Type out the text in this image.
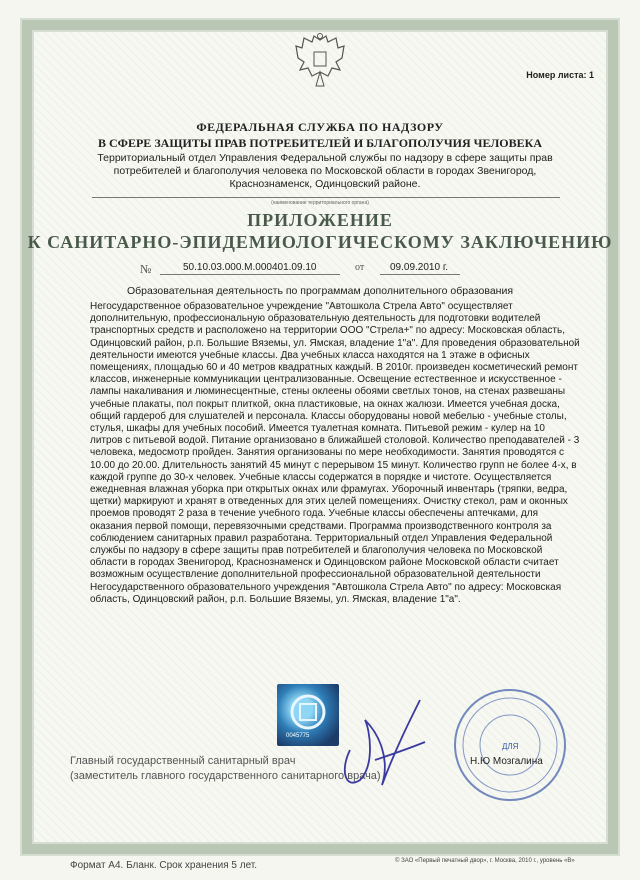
Номер листа: 1
ФЕДЕРАЛЬНАЯ СЛУЖБА ПО НАДЗОРУ
В СФЕРЕ ЗАЩИТЫ ПРАВ ПОТРЕБИТЕЛЕЙ И БЛАГОПОЛУЧИЯ ЧЕЛОВЕКА
Территориальный отдел Управления Федеральной службы по надзору в сфере защиты прав потребителей и благополучия человека по Московской области в городах Звенигород, Краснознаменск, Одинцовский районе.
(наименование территориального органа)
ПРИЛОЖЕНИЕ
К САНИТАРНО-ЭПИДЕМИОЛОГИЧЕСКОМУ ЗАКЛЮЧЕНИЮ
№	50.10.03.000.М.000401.09.10	от	09.09.2010 г.
Образовательная деятельность по программам дополнительного образования
Негосударственное образовательное учреждение "Автошкола Стрела Авто" осуществляет дополнительную, профессиональную образовательную деятельность для подготовки водителей транспортных средств и расположено на территории ООО "Стрела+" по адресу: Московская область, Одинцовский район, р.п. Большие Вяземы, ул. Ямская, владение 1"а". Для проведения образовательной деятельности имеются учебные классы. Два учебных класса находятся на 1 этаже в офисных помещениях, площадью 60 и 40 метров квадратных каждый. В 2010г. произведен косметический ремонт классов, инженерные коммуникации централизованные. Освещение естественное и искусственное - лампы накаливания и люминесцентные, стены оклеены обоями светлых тонов, на стенах развешаны учебные плакаты, пол покрыт плиткой, окна пластиковые, на окнах жалюзи. Имеется учебная доска, общий гардероб для слушателей и персонала. Классы оборудованы новой мебелью - учебные столы, стулья, шкафы для учебных пособий. Имеется туалетная комната. Питьевой режим - кулер на 10 литров с питьевой водой. Питание организовано в ближайшей столовой. Количество преподавателей - 3 человека, медосмотр пройден. Занятия организованы по мере необходимости. Занятия проводятся с 10.00 до 20.00. Длительность занятий 45 минут с перерывом 15 минут. Количество групп не более 4-х, в каждой группе до 30-х человек. Учебные классы содержатся в порядке и чистоте. Осуществляется ежедневная влажная уборка при открытых окнах или фрамугах. Уборочный инвентарь (тряпки, ведра, щетки) маркируют и хранят в отведенных для этих целей помещениях. Очистку стекол, рам и оконных проемов проводят 2 раза в течение учебного года. Учебные классы обеспечены аптечками, для оказания первой помощи, перевязочными средствами. Программа производственного контроля за соблюдением санитарных правил разработана. Территориальный отдел Управления Федеральной службы по надзору в сфере защиты прав потребителей и благополучия человека по Московской области в городах Звенигород, Краснознаменск и Одинцовском районе Московской области считает возможным осуществление дополнительной профессиональной образовательной деятельности Негосударственного образовательного учреждения "Автошкола Стрела Авто" по адресу: Московская область, Одинцовский район, р.п. Большие Вяземы, ул. Ямская, владение 1"а".
0045775
Главный государственный санитарный врач
(заместитель главного государственного санитарного врача)
ДЛЯ
Н.Ю Мозгалина
Формат А4. Бланк. Срок хранения 5 лет.	© ЗАО «Первый печатный двор», г. Москва, 2010 г., уровень «В»
